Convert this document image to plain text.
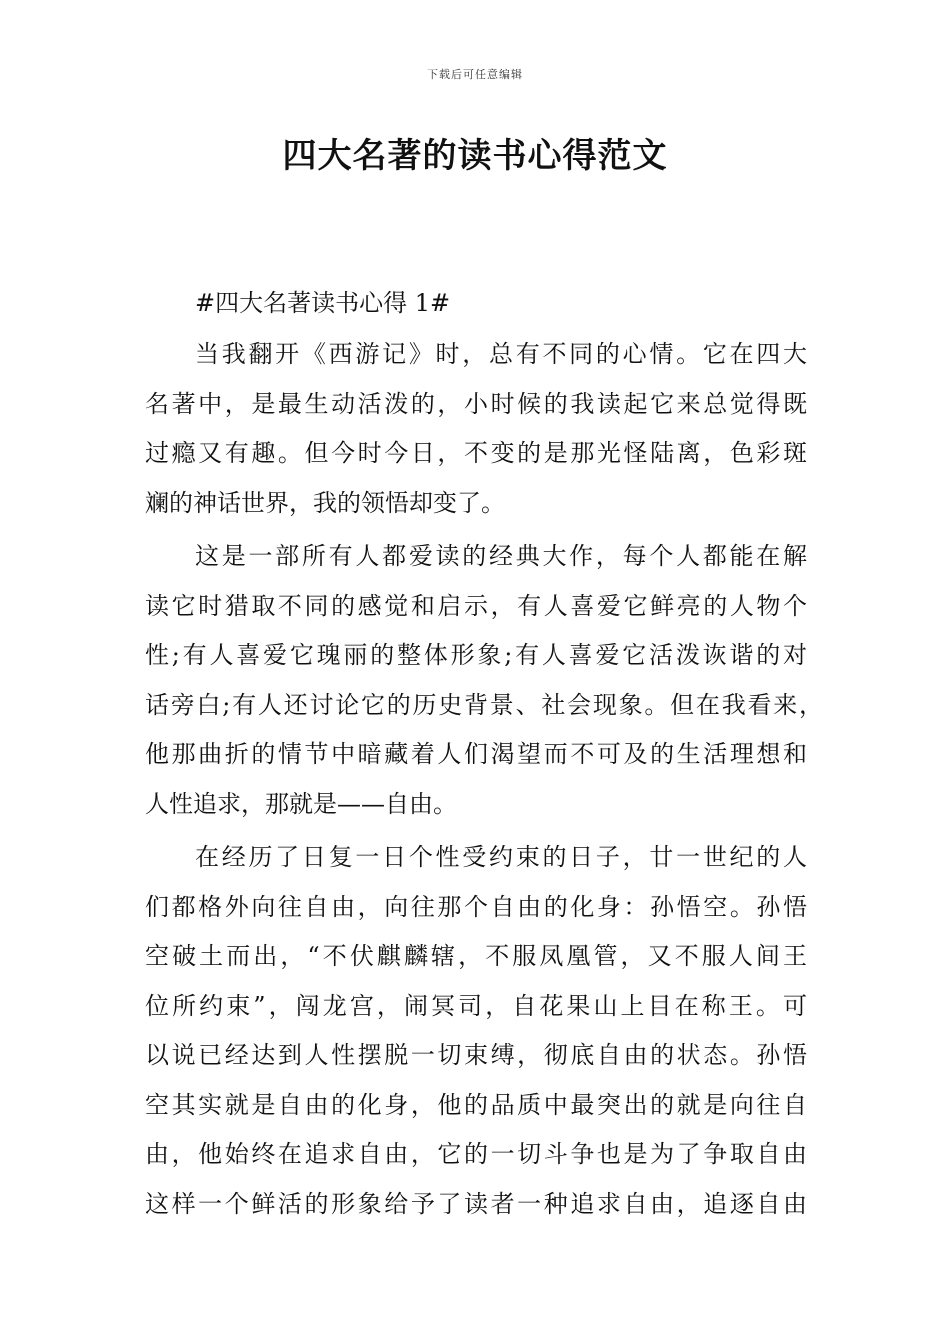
下载后可任意编辑
四大名著的读书心得范文

#四大名著读书心得 1#

当我翻开《西游记》时，总有不同的心情。它在四大
名著中，是最生动活泼的，小时候的我读起它来总觉得既
过瘾又有趣。但今时今日，不变的是那光怪陆离，色彩斑
斓的神话世界，我的领悟却变了。

这是一部所有人都爱读的经典大作，每个人都能在解
读它时猎取不同的感觉和启示，有人喜爱它鲜亮的人物个
性;有人喜爱它瑰丽的整体形象;有人喜爱它活泼诙谐的对
话旁白;有人还讨论它的历史背景、社会现象。但在我看来，
他那曲折的情节中暗藏着人们渴望而不可及的生活理想和
人性追求，那就是——自由。

在经历了日复一日个性受约束的日子，廿一世纪的人
们都格外向往自由，向往那个自由的化身：孙悟空。孙悟
空破土而出，“不伏麒麟辖，不服凤凰管，又不服人间王
位所约束”，闯龙宫，闹冥司，自花果山上目在称王。可
以说已经达到人性摆脱一切束缚，彻底自由的状态。孙悟
空其实就是自由的化身，他的品质中最突出的就是向往自
由，他始终在追求自由，它的一切斗争也是为了争取自由
这样一个鲜活的形象给予了读者一种追求自由，追逐自由
